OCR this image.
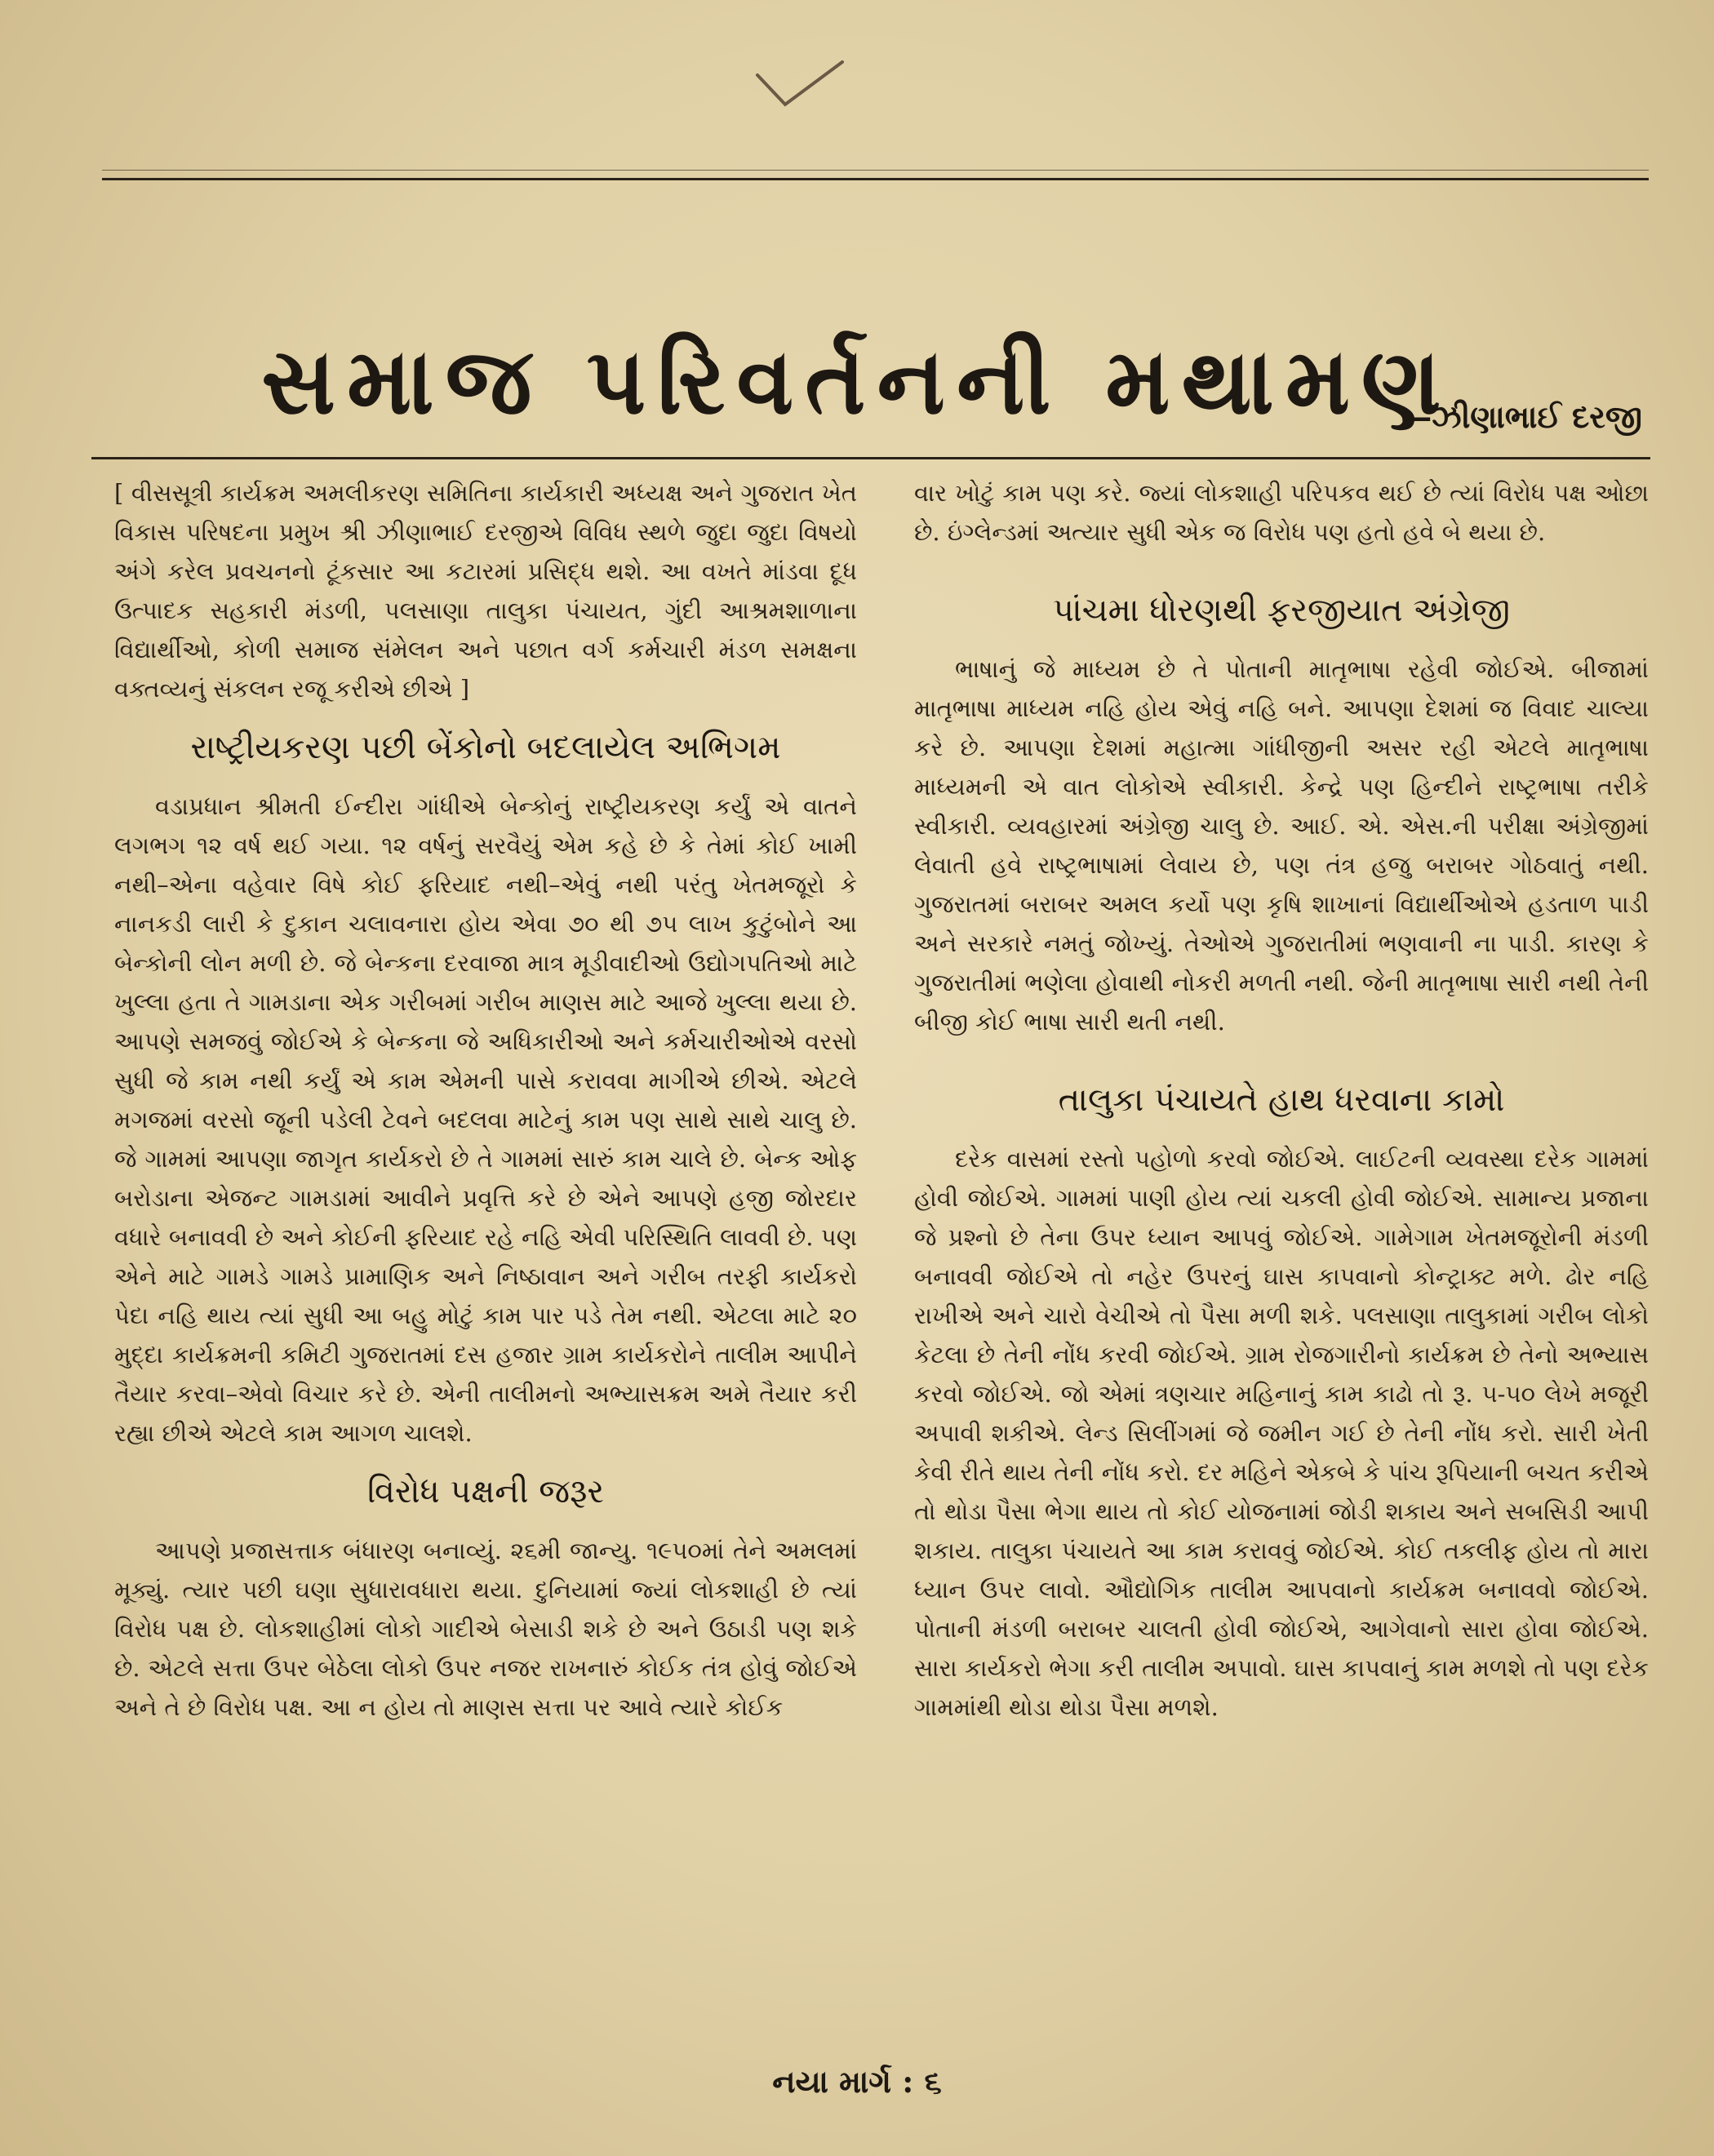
સમાજ પરિવર્તનની મથામણ
—ઝીણાભાઈ દરજી

[ વીસસૂત્રી કાર્યક્રમ અમલીકરણ સમિતિના કાર્યકારી અધ્યક્ષ અને ગુજરાત ખેત વિકાસ પરિષદના પ્રમુખ શ્રી ઝીણાભાઈ દરજીએ વિવિધ સ્થળે જુદા જુદા વિષયો અંગે કરેલ પ્રવચનનો ટૂંકસાર આ કટારમાં પ્રસિદ્ધ થશે. આ વખતે માંડવા દૂધ ઉત્પાદક સહકારી મંડળી, પલસાણા તાલુકા પંચાયત, ગુંદી આશ્રમશાળાના વિદ્યાર્થીઓ, કોળી સમાજ સંમેલન અને પછાત વર્ગ કર્મચારી મંડળ સમક્ષના વક્તવ્યનું સંકલન રજૂ કરીએ છીએ ]

રાષ્ટ્રીયકરણ પછી બેંકોનો બદલાયેલ અભિગમ

વડાપ્રધાન શ્રીમતી ઈન્દીરા ગાંધીએ બેન્કોનું રાષ્ટ્રીયકરણ કર્યું એ વાતને લગભગ ૧૨ વર્ષ થઈ ગયા. ૧૨ વર્ષનું સરવૈયું એમ કહે છે કે તેમાં કોઈ ખામી નથી–એના વહેવાર વિષે કોઈ ફરિયાદ નથી–એવું નથી પરંતુ ખેતમજૂરો કે નાનકડી લારી કે દુકાન ચલાવનારા હોય એવા ૭૦ થી ૭૫ લાખ કુટુંબોને આ બેન્કોની લોન મળી છે. જે બેન્કના દરવાજા માત્ર મૂડીવાદીઓ ઉદ્યોગપતિઓ માટે ખુલ્લા હતા તે ગામડાના એક ગરીબમાં ગરીબ માણસ માટે આજે ખુલ્લા થયા છે. આપણે સમજવું જોઈએ કે બેન્કના જે અધિકારીઓ અને કર્મચારીઓએ વરસો સુધી જે કામ નથી કર્યું એ કામ એમની પાસે કરાવવા માગીએ છીએ. એટલે મગજમાં વરસો જૂની પડેલી ટેવને બદલવા માટેનું કામ પણ સાથે સાથે ચાલુ છે. જે ગામમાં આપણા જાગૃત કાર્યકરો છે તે ગામમાં સારું કામ ચાલે છે. બેન્ક ઓફ બરોડાના એજન્ટ ગામડામાં આવીને પ્રવૃત્તિ કરે છે એને આપણે હજી જોરદાર વધારે બનાવવી છે અને કોઈની ફરિયાદ રહે નહિ એવી પરિસ્થિતિ લાવવી છે. પણ એને માટે ગામડે ગામડે પ્રામાણિક અને નિષ્ઠાવાન અને ગરીબ તરફી કાર્યકરો પેદા નહિ થાય ત્યાં સુધી આ બહુ મોટું કામ પાર પડે તેમ નથી. એટલા માટે ૨૦ મુદ્દા કાર્યક્રમની કમિટી ગુજરાતમાં દસ હજાર ગ્રામ કાર્યકરોને તાલીમ આપીને તૈયાર કરવા–એવો વિચાર કરે છે. એની તાલીમનો અભ્યાસક્રમ અમે તૈયાર કરી રહ્યા છીએ એટલે કામ આગળ ચાલશે.

વિરોધ પક્ષની જરૂર

આપણે પ્રજાસત્તાક બંધારણ બનાવ્યું. ૨૬મી જાન્યુ. ૧૯૫૦માં તેને અમલમાં મૂક્યું. ત્યાર પછી ઘણા સુધારાવધારા થયા. દુનિયામાં જ્યાં લોકશાહી છે ત્યાં વિરોધ પક્ષ છે. લોકશાહીમાં લોકો ગાદીએ બેસાડી શકે છે અને ઉઠાડી પણ શકે છે. એટલે સત્તા ઉપર બેઠેલા લોકો ઉપર નજર રાખનારું કોઈક તંત્ર હોવું જોઈએ અને તે છે વિરોધ પક્ષ. આ ન હોય તો માણસ સત્તા પર આવે ત્યારે કોઈક

વાર ખોટું કામ પણ કરે. જ્યાં લોકશાહી પરિપકવ થઈ છે ત્યાં વિરોધ પક્ષ ઓછા છે. ઇંગ્લેન્ડમાં અત્યાર સુધી એક જ વિરોધ પણ હતો હવે બે થયા છે.

પાંચમા ધોરણથી ફરજીયાત અંગ્રેજી

ભાષાનું જે માધ્યમ છે તે પોતાની માતૃભાષા રહેવી જોઈએ. બીજામાં માતૃભાષા માધ્યમ નહિ હોય એવું નહિ બને. આપણા દેશમાં જ વિવાદ ચાલ્યા કરે છે. આપણા દેશમાં મહાત્મા ગાંધીજીની અસર રહી એટલે માતૃભાષા માધ્યમની એ વાત લોકોએ સ્વીકારી. કેન્દ્રે પણ હિન્દીને રાષ્ટ્રભાષા તરીકે સ્વીકારી. વ્યવહારમાં અંગ્રેજી ચાલુ છે. આઈ. એ. એસ.ની પરીક્ષા અંગ્રેજીમાં લેવાતી હવે રાષ્ટ્રભાષામાં લેવાય છે, પણ તંત્ર હજુ બરાબર ગોઠવાતું નથી. ગુજરાતમાં બરાબર અમલ કર્યો પણ કૃષિ શાખાનાં વિદ્યાર્થીઓએ હડતાળ પાડી અને સરકારે નમતું જોખ્યું. તેઓએ ગુજરાતીમાં ભણવાની ના પાડી. કારણ કે ગુજરાતીમાં ભણેલા હોવાથી નોકરી મળતી નથી. જેની માતૃભાષા સારી નથી તેની બીજી કોઈ ભાષા સારી થતી નથી.

તાલુકા પંચાયતે હાથ ધરવાના કામો

દરેક વાસમાં રસ્તો પહોળો કરવો જોઈએ. લાઈટની વ્યવસ્થા દરેક ગામમાં હોવી જોઈએ. ગામમાં પાણી હોય ત્યાં ચકલી હોવી જોઈએ. સામાન્ય પ્રજાના જે પ્રશ્નો છે તેના ઉપર ધ્યાન આપવું જોઈએ. ગામેગામ ખેતમજૂરોની મંડળી બનાવવી જોઈએ તો નહેર ઉપરનું ઘાસ કાપવાનો કોન્ટ્રાક્ટ મળે. ઢોર નહિ રાખીએ અને ચારો વેચીએ તો પૈસા મળી શકે. પલસાણા તાલુકામાં ગરીબ લોકો કેટલા છે તેની નોંધ કરવી જોઈએ. ગ્રામ રોજગારીનો કાર્યક્રમ છે તેનો અભ્યાસ કરવો જોઈએ. જો એમાં ત્રણચાર મહિનાનું કામ કાઢો તો રૂ. ૫-૫૦ લેખે મજૂરી અપાવી શકીએ. લેન્ડ સિલીંગમાં જે જમીન ગઈ છે તેની નોંધ કરો. સારી ખેતી કેવી રીતે થાય તેની નોંધ કરો. દર મહિને એકબે કે પાંચ રૂપિયાની બચત કરીએ તો થોડા પૈસા ભેગા થાય તો કોઈ યોજનામાં જોડી શકાય અને સબસિડી આપી શકાય. તાલુકા પંચાયતે આ કામ કરાવવું જોઈએ. કોઈ તકલીફ હોય તો મારા ધ્યાન ઉપર લાવો. ઔદ્યોગિક તાલીમ આપવાનો કાર્યક્રમ બનાવવો જોઈએ. પોતાની મંડળી બરાબર ચાલતી હોવી જોઈએ, આગેવાનો સારા હોવા જોઈએ. સારા કાર્યકરો ભેગા કરી તાલીમ અપાવો. ઘાસ કાપવાનું કામ મળશે તો પણ દરેક ગામમાંથી થોડા થોડા પૈસા મળશે.

નયા માર્ગ : ૬
